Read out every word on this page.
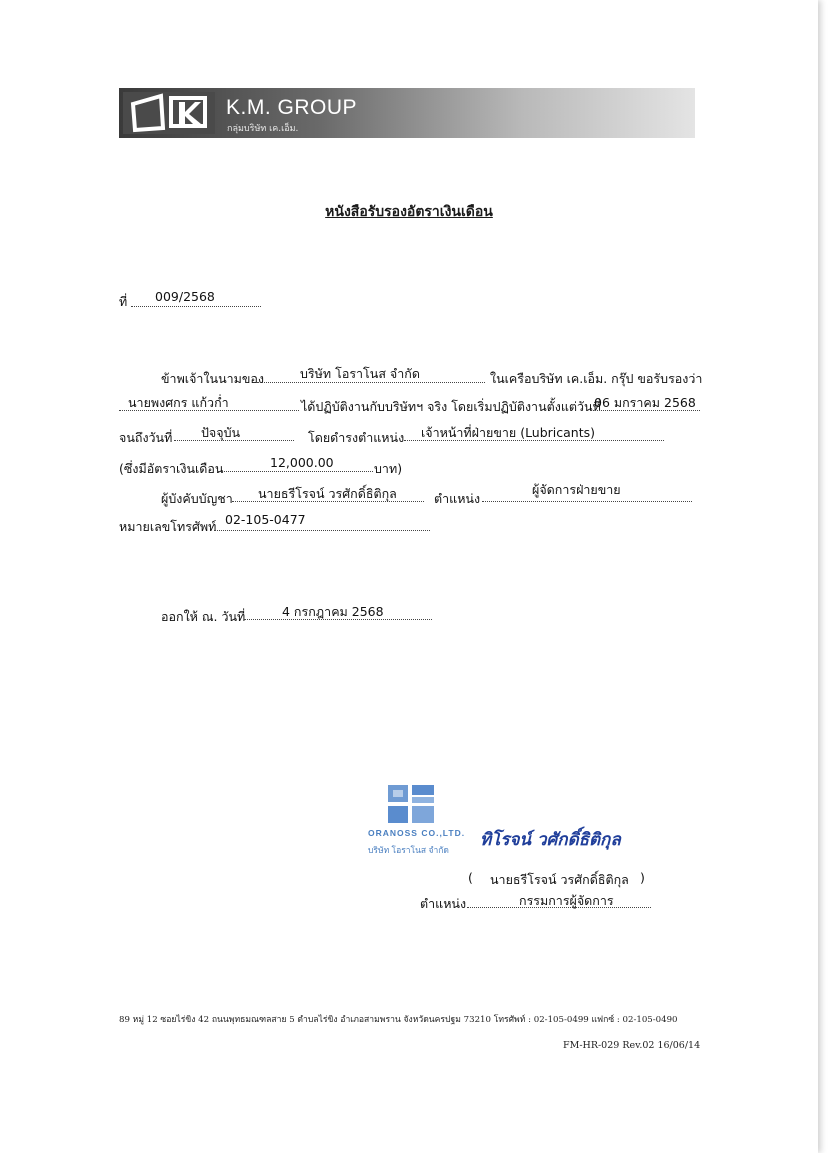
K.M. GROUP
กลุ่มบริษัท เค.เอ็ม.
หนังสือรับรองอัตราเงินเดือน
ที่ 009/2568
ข้าพเจ้าในนามของ	บริษัท โอราโนส จำกัด	ในเครือบริษัท เค.เอ็ม. กรุ๊ป ขอรับรองว่า
นายพงศกร แก้วก่ำ	ได้ปฏิบัติงานกับบริษัทฯ จริง โดยเริ่มปฏิบัติงานตั้งแต่วันที่
06 มกราคม 2568
จนถึงวันที่ ปัจจุบัน	โดยดำรงตำแหน่ง เจ้าหน้าที่ฝ่ายขาย (Lubricants)
(ซึ่งมีอัตราเงินเดือน	12,000.00	บาท)
ผู้บังคับบัญชา นายธรีโรจน์ วรศักดิ์ธิติกุล	ตำแหน่ง
ผู้จัดการฝ่ายขาย
หมายเลขโทรศัพท์ 02-105-0477
ออกให้ ณ. วันที่	4 กรกฎาคม 2568
ORANOSS CO.,LTD.
บริษัท โอราโนส จำกัด ทิโรจน์ วศักดิ์ธิติกุล
( นายธรีโรจน์ วรศักดิ์ธิติกุล )
ตำแหน่ง	กรรมการผู้จัดการ
89 หมู่ 12 ซอยไร่ขิง 42 ถนนพุทธมณฑลสาย 5 ตำบลไร่ขิง อำเภอสามพราน จังหวัดนครปฐม 73210 โทรศัพท์ : 02-105-0499 แฟกซ์ : 02-105-0490
FM-HR-029 Rev.02 16/06/14
